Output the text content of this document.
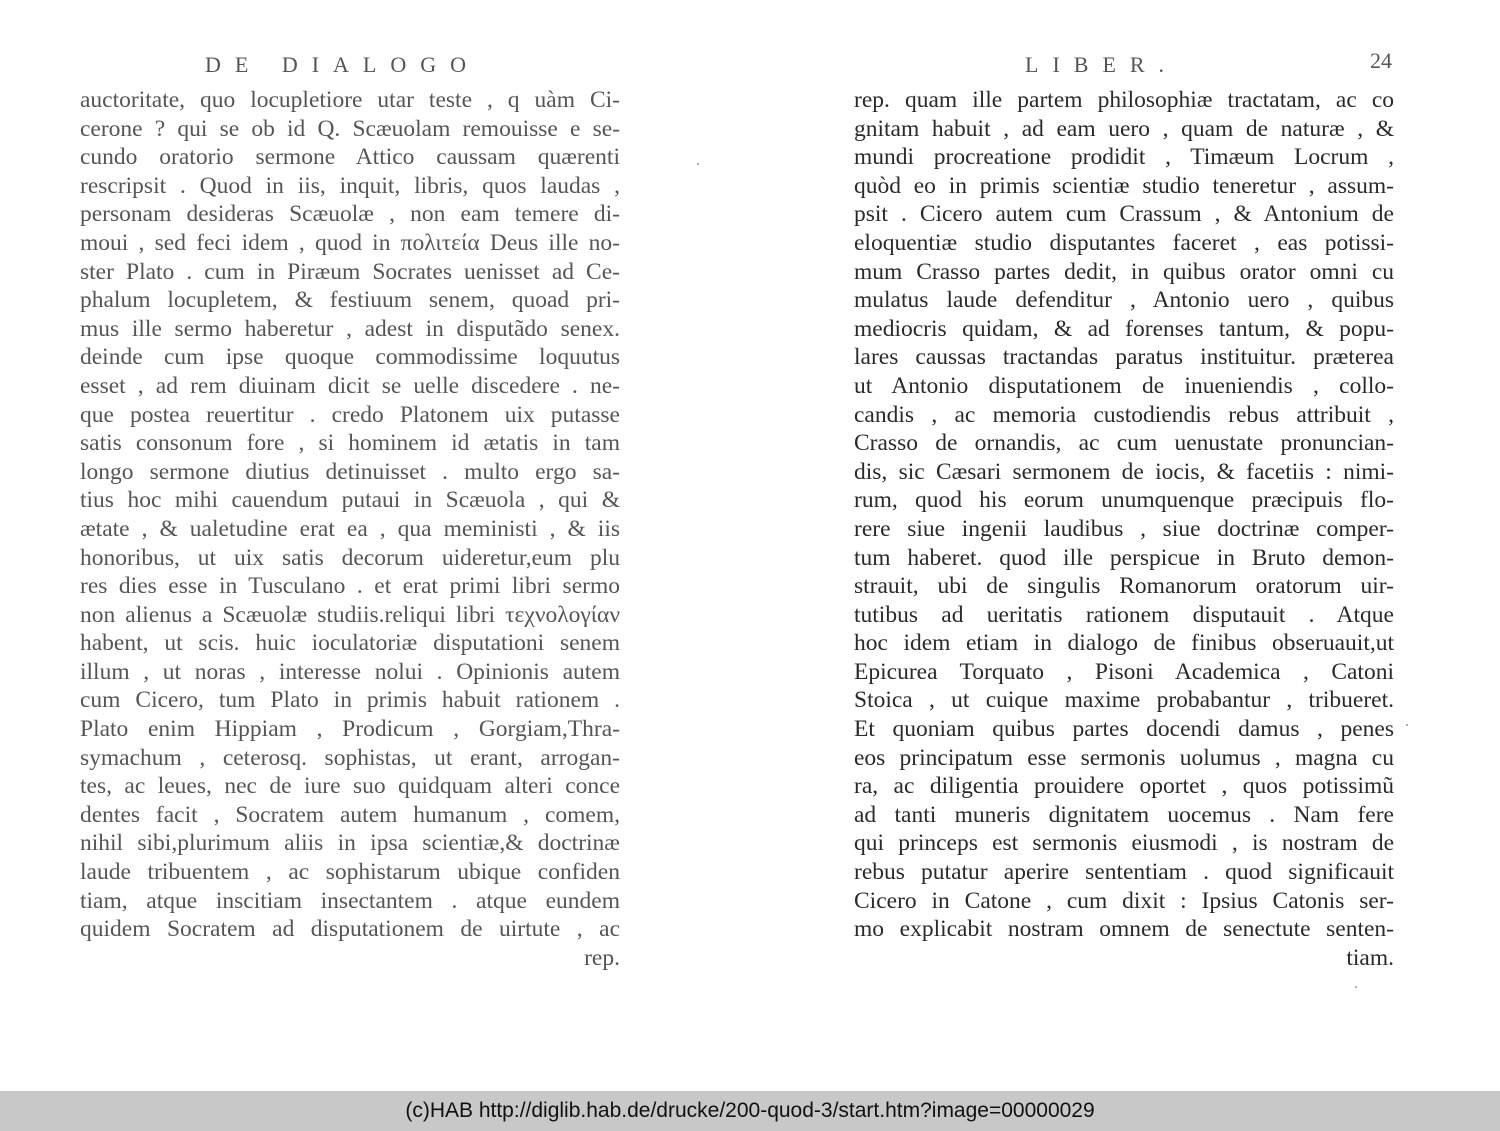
DE DIALOGO
auctoritate, quo locupletiore utar teste , q uàm Ci-
cerone ? qui se ob id Q. Scæuolam remouisse e se-
cundo oratorio sermone Attico caussam quærenti
rescripsit . Quod in iis, inquit, libris, quos laudas ,
personam desideras Scæuolæ , non eam temere di-
moui , sed feci idem , quod in πολιτεία Deus ille no-
ster Plato . cum in Piræum Socrates uenisset ad Ce-
phalum locupletem, & festiuum senem, quoad pri-
mus ille sermo haberetur , adest in disputãdo senex.
deinde cum ipse quoque commodissime loquutus
esset , ad rem diuinam dicit se uelle discedere . ne-
que postea reuertitur . credo Platonem uix putasse
satis consonum fore , si hominem id ætatis in tam
longo sermone diutius detinuisset . multo ergo sa-
tius hoc mihi cauendum putaui in Scæuola , qui &
ætate , & ualetudine erat ea , qua meministi , & iis
honoribus, ut uix satis decorum uideretur,eum plu
res dies esse in Tusculano . et erat primi libri sermo
non alienus a Scæuolæ studiis.reliqui libri τεχνολογίαν
habent, ut scis. huic ioculatoriæ disputationi senem
illum , ut noras , interesse nolui . Opinionis autem
cum Cicero, tum Plato in primis habuit rationem .
Plato enim Hippiam , Prodicum , Gorgiam,Thra-
symachum , ceterosq. sophistas, ut erant, arrogan-
tes, ac leues, nec de iure suo quidquam alteri conce
dentes facit , Socratem autem humanum , comem,
nihil sibi,plurimum aliis in ipsa scientiæ,& doctrinæ
laude tribuentem , ac sophistarum ubique confiden
tiam, atque inscitiam insectantem . atque eundem
quidem Socratem ad disputationem de uirtute , ac
rep.
LIBER.	24
rep. quam ille partem philosophiæ tractatam, ac co
gnitam habuit , ad eam uero , quam de naturæ , &
mundi procreatione prodidit , Timæum Locrum ,
quòd eo in primis scientiæ studio teneretur , assum-
psit . Cicero autem cum Crassum , & Antonium de
eloquentiæ studio disputantes faceret , eas potissi-
mum Crasso partes dedit, in quibus orator omni cu
mulatus laude defenditur , Antonio uero , quibus
mediocris quidam, & ad forenses tantum, & popu-
lares caussas tractandas paratus instituitur. præterea
ut Antonio disputationem de inueniendis , collo-
candis , ac memoria custodiendis rebus attribuit ,
Crasso de ornandis, ac cum uenustate pronuncian-
dis, sic Cæsari sermonem de iocis, & facetiis : nimi-
rum, quod his eorum unumquenque præcipuis flo-
rere siue ingenii laudibus , siue doctrinæ comper-
tum haberet. quod ille perspicue in Bruto demon-
strauit, ubi de singulis Romanorum oratorum uir-
tutibus ad ueritatis rationem disputauit . Atque
hoc idem etiam in dialogo de finibus obseruauit,ut
Epicurea Torquato , Pisoni Academica , Catoni
Stoica , ut cuique maxime probabantur , tribueret.
Et quoniam quibus partes docendi damus , penes
eos principatum esse sermonis uolumus , magna cu
ra, ac diligentia prouidere oportet , quos potissimũ
ad tanti muneris dignitatem uocemus . Nam fere
qui princeps est sermonis eiusmodi , is nostram de
rebus putatur aperire sententiam . quod significauit
Cicero in Catone , cum dixit : Ipsius Catonis ser-
mo explicabit nostram omnem de senectute senten-
tiam.
(c)HAB http://diglib.hab.de/drucke/200-quod-3/start.htm?image=00000029
